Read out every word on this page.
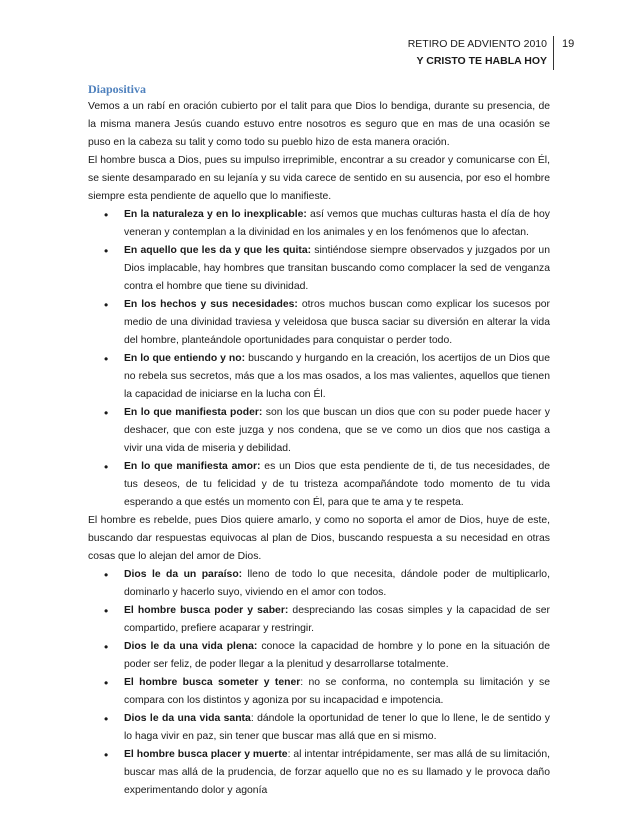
RETIRO DE ADVIENTO 2010
Y CRISTO TE HABLA HOY
19
Diapositiva

Vemos a un rabí en oración cubierto por el talit para que Dios lo bendiga, durante su presencia, de la misma manera Jesús cuando estuvo entre nosotros es seguro que en mas de una ocasión se puso en la cabeza su talit y como todo su pueblo hizo de esta manera oración.

El hombre busca a Dios, pues su impulso irreprimible, encontrar a su creador y comunicarse con Él, se siente desamparado en su lejanía y su vida carece de sentido en su ausencia, por eso el hombre siempre esta pendiente de aquello que lo manifieste.

• En la naturaleza y en lo inexplicable: así vemos que muchas culturas hasta el día de hoy veneran y contemplan a la divinidad en los animales y en los fenómenos que lo afectan.
• En aquello que les da y que les quita: sintiéndose siempre observados y juzgados por un Dios implacable, hay hombres que transitan buscando como complacer la sed de venganza contra el hombre que tiene su divinidad.
• En los hechos y sus necesidades: otros muchos buscan como explicar los sucesos por medio de una divinidad traviesa y veleidosa que busca saciar su diversión en alterar la vida del hombre, planteándole oportunidades para conquistar o perder todo.
• En lo que entiendo y no: buscando y hurgando en la creación, los acertijos de un Dios que no rebela sus secretos, más que a los mas osados, a los mas valientes, aquellos que tienen la capacidad de iniciarse en la lucha con Él.
• En lo que manifiesta poder: son los que buscan un dios que con su poder puede hacer y deshacer, que con este juzga y nos condena, que se ve como un dios que nos castiga a vivir una vida de miseria y debilidad.
• En lo que manifiesta amor: es un Dios que esta pendiente de ti, de tus necesidades, de tus deseos, de tu felicidad y de tu tristeza acompañándote todo momento de tu vida esperando a que estés un momento con Él, para que te ama y te respeta.

El hombre es rebelde, pues Dios quiere amarlo, y como no soporta el amor de Dios, huye de este, buscando dar respuestas equivocas al plan de Dios, buscando respuesta a su necesidad en otras cosas que lo alejan del amor de Dios.

• Dios le da un paraíso: lleno de todo lo que necesita, dándole poder de multiplicarlo, dominarlo y hacerlo suyo, viviendo en el amor con todos.
• El hombre busca poder y saber: despreciando las cosas simples y la capacidad de ser compartido, prefiere acaparar y restringir.
• Dios le da una vida plena: conoce la capacidad de hombre y lo pone en la situación de poder ser feliz, de poder llegar a la plenitud y desarrollarse totalmente.
• El hombre busca someter y tener: no se conforma, no contempla su limitación y se compara con los distintos y agoniza por su incapacidad e impotencia.
• Dios le da una vida santa: dándole la oportunidad de tener lo que lo llene, le de sentido y lo haga vivir en paz, sin tener que buscar mas allá que en si mismo.
• El hombre busca placer y muerte: al intentar intrépidamente, ser mas allá de su limitación, buscar mas allá de la prudencia, de forzar aquello que no es su llamado y le provoca daño experimentando dolor y agonía
